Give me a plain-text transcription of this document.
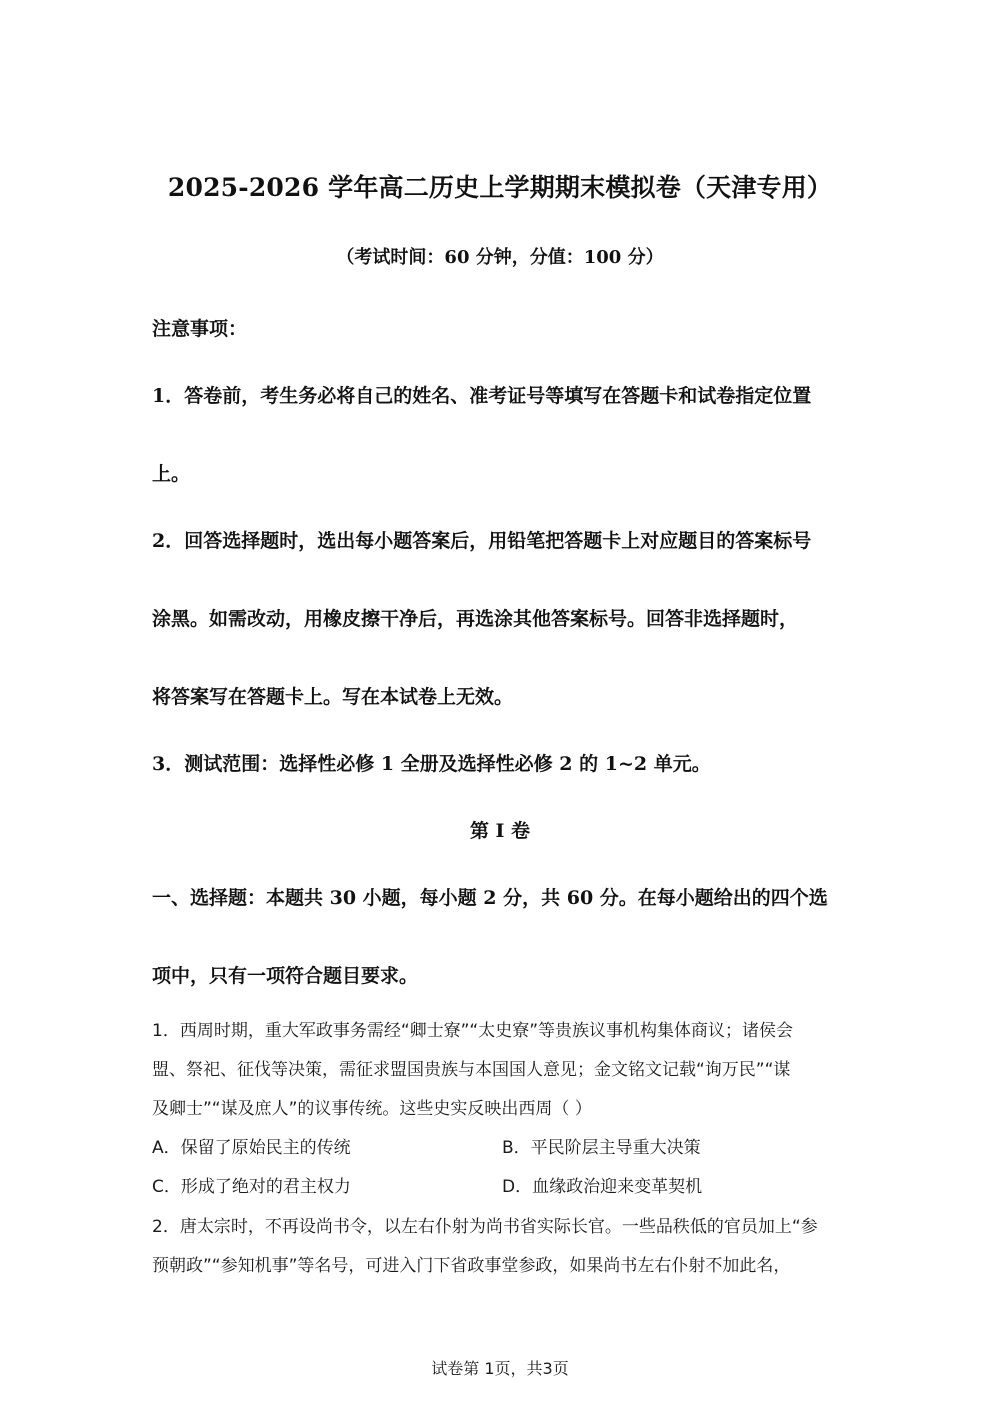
2025-2026 学年高二历史上学期期末模拟卷（天津专用）
（考试时间：60 分钟，分值：100 分）
注意事项：
1．答卷前，考生务必将自己的姓名、准考证号等填写在答题卡和试卷指定位置
上。
2．回答选择题时，选出每小题答案后，用铅笔把答题卡上对应题目的答案标号
涂黑。如需改动，用橡皮擦干净后，再选涂其他答案标号。回答非选择题时，
将答案写在答题卡上。写在本试卷上无效。
3．测试范围：选择性必修 1 全册及选择性必修 2 的 1~2 单元。
第 I 卷
一、选择题：本题共 30 小题，每小题 2 分，共 60 分。在每小题给出的四个选
项中，只有一项符合题目要求。
1．西周时期，重大军政事务需经“卿士寮”“太史寮”等贵族议事机构集体商议；诸侯会
盟、祭祀、征伐等决策，需征求盟国贵族与本国国人意见；金文铭文记载“询万民”“谋
及卿士”“谋及庶人”的议事传统。这些史实反映出西周（ ）
A．保留了原始民主的传统	B．平民阶层主导重大决策
C．形成了绝对的君主权力	D．血缘政治迎来变革契机
2．唐太宗时，不再设尚书令，以左右仆射为尚书省实际长官。一些品秩低的官员加上“参
预朝政”“参知机事”等名号，可进入门下省政事堂参政，如果尚书左右仆射不加此名，
试卷第 1页，共3页
